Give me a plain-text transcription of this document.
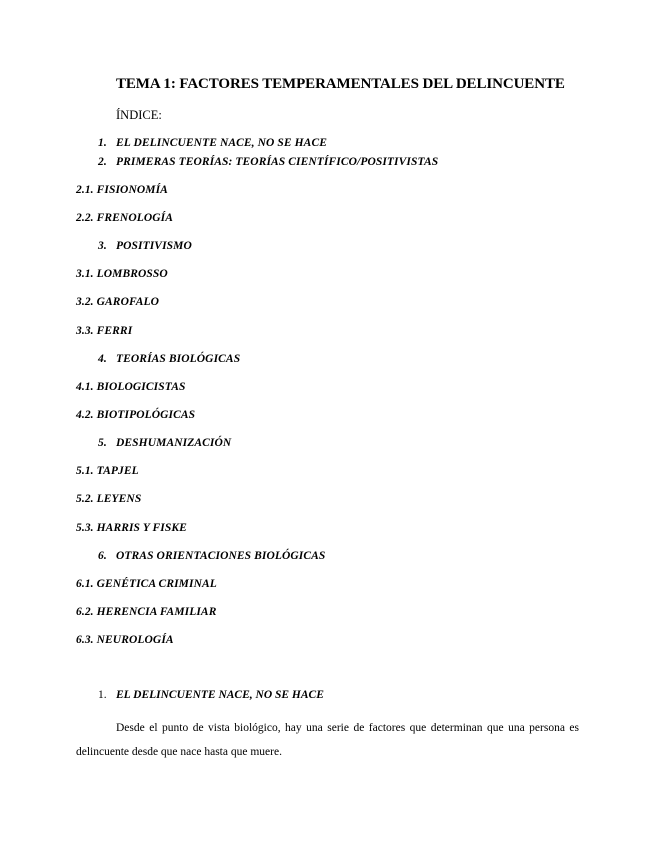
TEMA 1: FACTORES TEMPERAMENTALES DEL DELINCUENTE
ÍNDICE:
1. EL DELINCUENTE NACE, NO SE HACE
2. PRIMERAS TEORÍAS: TEORÍAS CIENTÍFICO/POSITIVISTAS
2.1. FISIONOMÍA
2.2. FRENOLOGÍA
3. POSITIVISMO
3.1. LOMBROSSO
3.2. GAROFALO
3.3. FERRI
4. TEORÍAS BIOLÓGICAS
4.1. BIOLOGICISTAS
4.2. BIOTIPOLÓGICAS
5. DESHUMANIZACIÓN
5.1. TAPJEL
5.2. LEYENS
5.3. HARRIS Y FISKE
6. OTRAS ORIENTACIONES BIOLÓGICAS
6.1. GENÉTICA CRIMINAL
6.2. HERENCIA FAMILIAR
6.3. NEUROLOGÍA
1. EL DELINCUENTE NACE, NO SE HACE
Desde el punto de vista biológico, hay una serie de factores que determinan que una persona es delincuente desde que nace hasta que muere.
